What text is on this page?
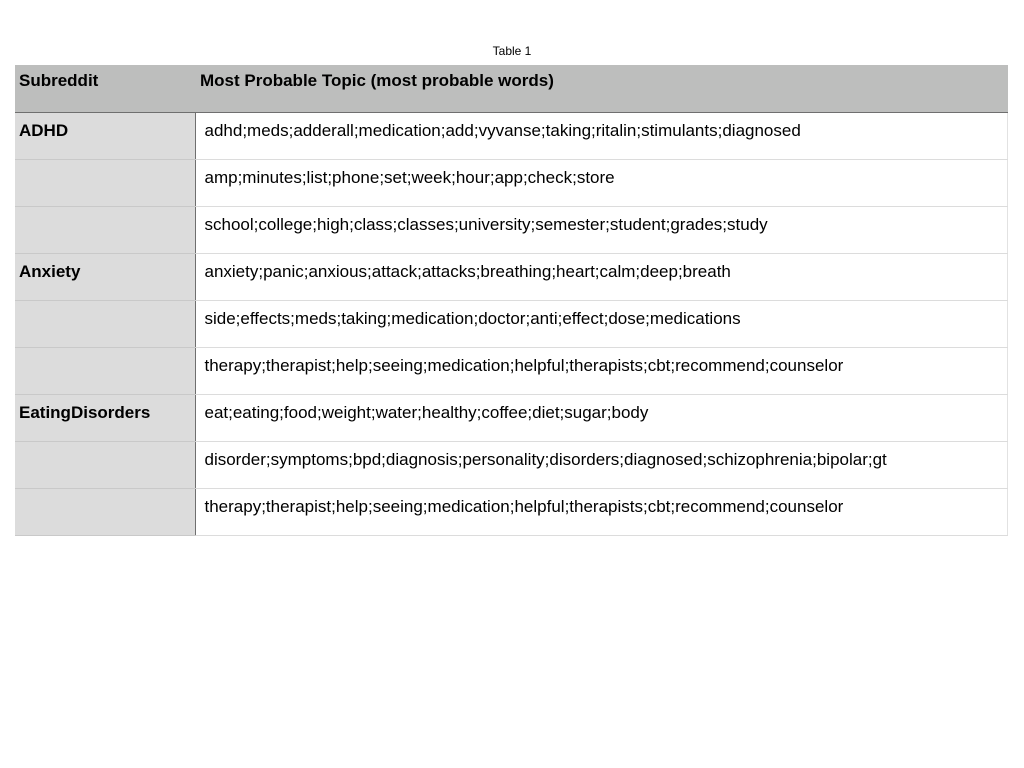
Table 1
Subreddit	Most Probable Topic (most probable words)
ADHD	adhd;meds;adderall;medication;add;vyvanse;taking;ritalin;stimulants;diagnosed
	amp;minutes;list;phone;set;week;hour;app;check;store
	school;college;high;class;classes;university;semester;student;grades;study
Anxiety	anxiety;panic;anxious;attack;attacks;breathing;heart;calm;deep;breath
	side;effects;meds;taking;medication;doctor;anti;effect;dose;medications
	therapy;therapist;help;seeing;medication;helpful;therapists;cbt;recommend;counselor
EatingDisorders	eat;eating;food;weight;water;healthy;coffee;diet;sugar;body
	disorder;symptoms;bpd;diagnosis;personality;disorders;diagnosed;schizophrenia;bipolar;gt
	therapy;therapist;help;seeing;medication;helpful;therapists;cbt;recommend;counselor
